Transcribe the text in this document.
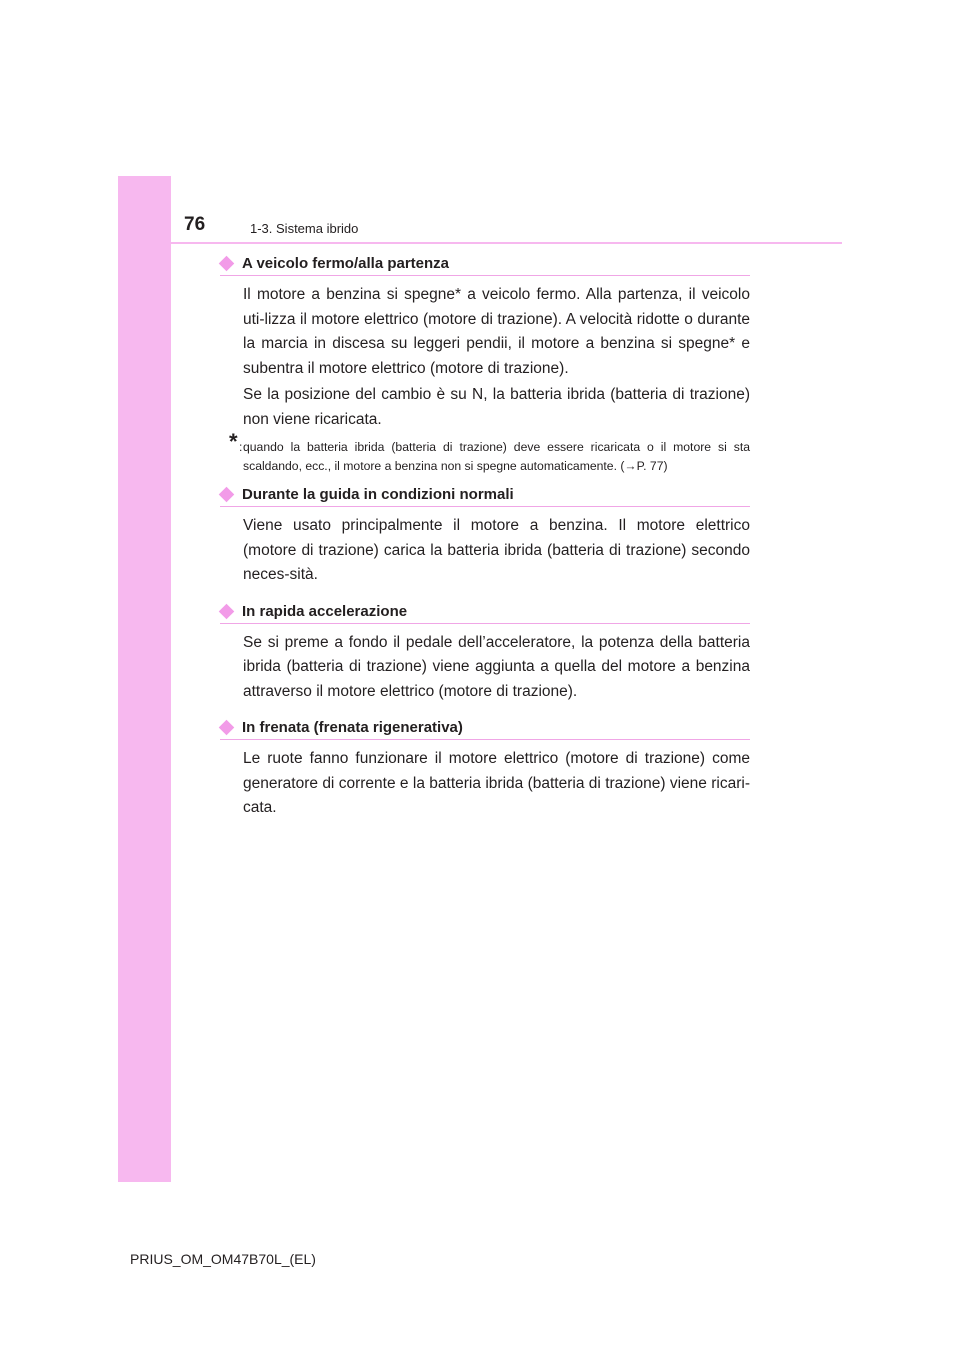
76	1-3. Sistema ibrido
A veicolo fermo/alla partenza
Il motore a benzina si spegne* a veicolo fermo. Alla partenza, il veicolo uti-lizza il motore elettrico (motore di trazione). A velocità ridotte o durante la marcia in discesa su leggeri pendii, il motore a benzina si spegne* e subentra il motore elettrico (motore di trazione).
Se la posizione del cambio è su N, la batteria ibrida (batteria di trazione) non viene ricaricata.
* : quando la batteria ibrida (batteria di trazione) deve essere ricaricata o il motore si sta scaldando, ecc., il motore a benzina non si spegne automaticamente. (→P. 77)
Durante la guida in condizioni normali
Viene usato principalmente il motore a benzina. Il motore elettrico (motore di trazione) carica la batteria ibrida (batteria di trazione) secondo neces-sità.
In rapida accelerazione
Se si preme a fondo il pedale dell’acceleratore, la potenza della batteria ibrida (batteria di trazione) viene aggiunta a quella del motore a benzina attraverso il motore elettrico (motore di trazione).
In frenata (frenata rigenerativa)
Le ruote fanno funzionare il motore elettrico (motore di trazione) come generatore di corrente e la batteria ibrida (batteria di trazione) viene ricari-cata.
PRIUS_OM_OM47B70L_(EL)
